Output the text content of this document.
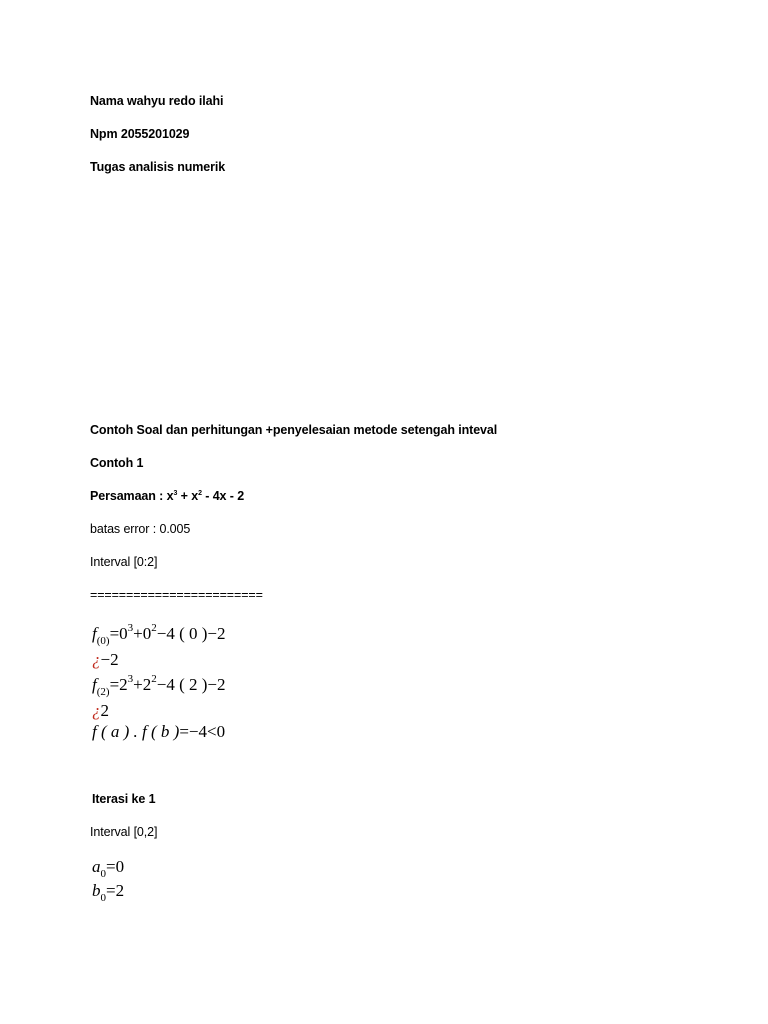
Nama wahyu redo ilahi
Npm 2055201029
Tugas analisis numerik
Contoh Soal dan perhitungan +penyelesaian metode setengah inteval
Contoh 1
Persamaan : $x^3 + x^2 - 4x - 2$
batas error : 0.005
Interval [0:2]
========================
$f_{(0)}=0^3+0^2-4$ ( 0 )−2
¿−2
$f_{(2)}=2^3+2^2-4$ ( 2 )−2
¿2
f ( a ) . f ( b )=−4<0
Iterasi ke 1
Interval [0,2]
$a_0=0$
$b_0=2$
